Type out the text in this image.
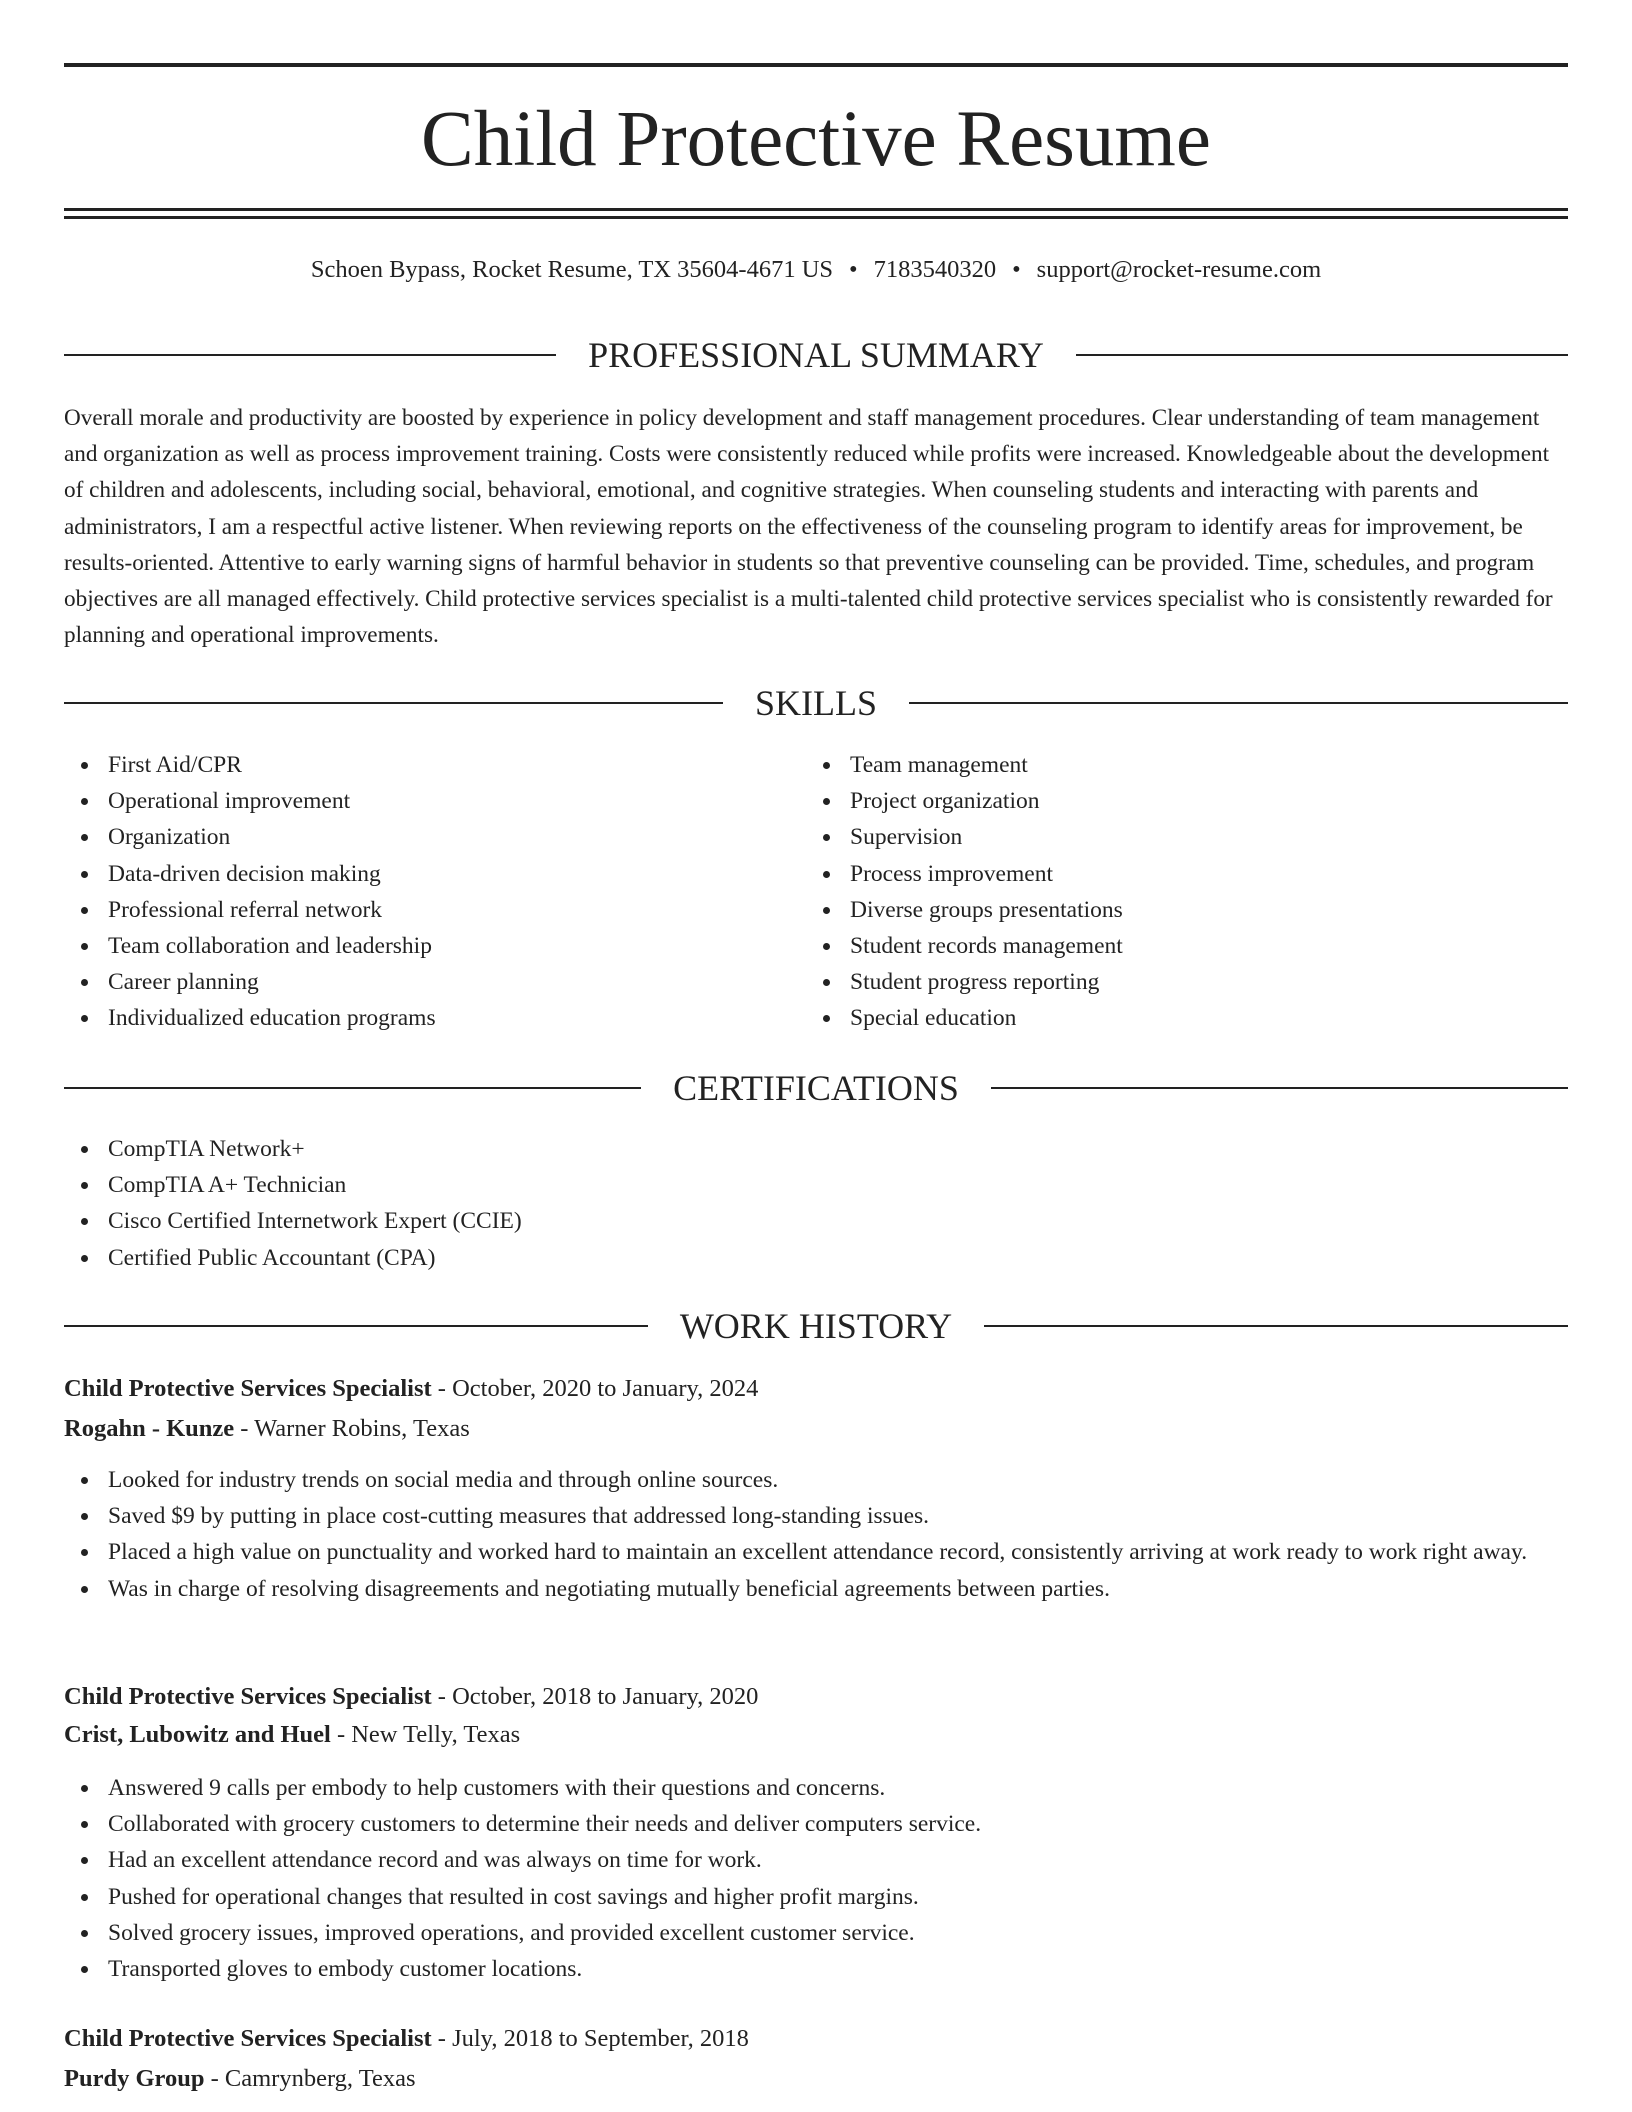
Child Protective Resume
Schoen Bypass, Rocket Resume, TX 35604-4671 US • 7183540320 • support@rocket-resume.com
PROFESSIONAL SUMMARY

Overall morale and productivity are boosted by experience in policy development and staff management procedures. Clear understanding of team management and organization as well as process improvement training. Costs were consistently reduced while profits were increased. Knowledgeable about the development of children and adolescents, including social, behavioral, emotional, and cognitive strategies. When counseling students and interacting with parents and administrators, I am a respectful active listener. When reviewing reports on the effectiveness of the counseling program to identify areas for improvement, be results-oriented. Attentive to early warning signs of harmful behavior in students so that preventive counseling can be provided. Time, schedules, and program objectives are all managed effectively. Child protective services specialist is a multi-talented child protective services specialist who is consistently rewarded for planning and operational improvements.

SKILLS
First Aid/CPR
Operational improvement
Organization
Data-driven decision making
Professional referral network
Team collaboration and leadership
Career planning
Individualized education programs
Team management
Project organization
Supervision
Process improvement
Diverse groups presentations
Student records management
Student progress reporting
Special education
CERTIFICATIONS
CompTIA Network+
CompTIA A+ Technician
Cisco Certified Internetwork Expert (CCIE)
Certified Public Accountant (CPA)
WORK HISTORY
Child Protective Services Specialist - October, 2020 to January, 2024
Rogahn - Kunze - Warner Robins, Texas
Looked for industry trends on social media and through online sources.
Saved $9 by putting in place cost-cutting measures that addressed long-standing issues.
Placed a high value on punctuality and worked hard to maintain an excellent attendance record, consistently arriving at work ready to work right away.
Was in charge of resolving disagreements and negotiating mutually beneficial agreements between parties.
Child Protective Services Specialist - October, 2018 to January, 2020
Crist, Lubowitz and Huel - New Telly, Texas
Answered 9 calls per embody to help customers with their questions and concerns.
Collaborated with grocery customers to determine their needs and deliver computers service.
Had an excellent attendance record and was always on time for work.
Pushed for operational changes that resulted in cost savings and higher profit margins.
Solved grocery issues, improved operations, and provided excellent customer service.
Transported gloves to embody customer locations.
Child Protective Services Specialist - July, 2018 to September, 2018
Purdy Group - Camrynberg, Texas
